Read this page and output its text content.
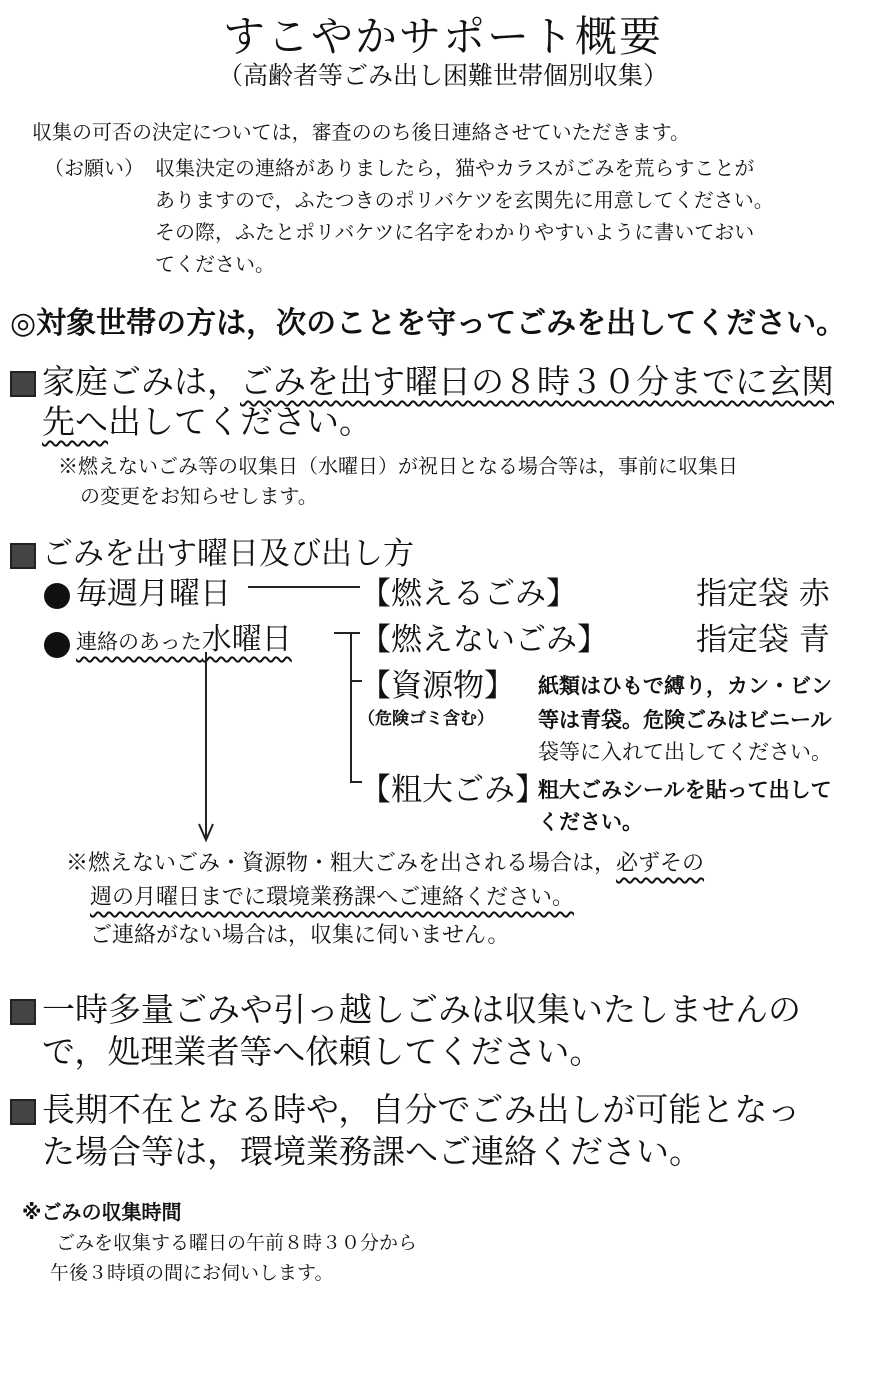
すこやかサポート概要
（高齢者等ごみ出し困難世帯個別収集）
収集の可否の決定については，審査ののち後日連絡させていただきます。
（お願い） 収集決定の連絡がありましたら，猫やカラスがごみを荒らすことが
ありますので，ふたつきのポリバケツを玄関先に用意してください。
その際，ふたとポリバケツに名字をわかりやすいように書いておい
てください。
◎対象世帯の方は，次のことを守ってごみを出してください。
家庭ごみは，ごみを出す曜日の８時３０分までに玄関
先へ出してください。
※燃えないごみ等の収集日（水曜日）が祝日となる場合等は，事前に収集日
の変更をお知らせします。
ごみを出す曜日及び出し方
毎週月曜日	【燃えるごみ】	指定袋 赤
連絡のあった水曜日 【燃えないごみ】	指定袋 青
【資源物】
（危険ゴミ含む）
紙類はひもで縛り，カン・ビン
等は青袋。危険ごみはビニール
袋等に入れて出してください。
【粗大ごみ】
粗大ごみシールを貼って出して
ください。
※燃えないごみ・資源物・粗大ごみを出される場合は，必ずその
週の月曜日までに環境業務課へご連絡ください。
ご連絡がない場合は，収集に伺いません。
一時多量ごみや引っ越しごみは収集いたしませんの
で，処理業者等へ依頼してください。
長期不在となる時や，自分でごみ出しが可能となっ
た場合等は，環境業務課へご連絡ください。
※ごみの収集時間
ごみを収集する曜日の午前８時３０分から
午後３時頃の間にお伺いします。
